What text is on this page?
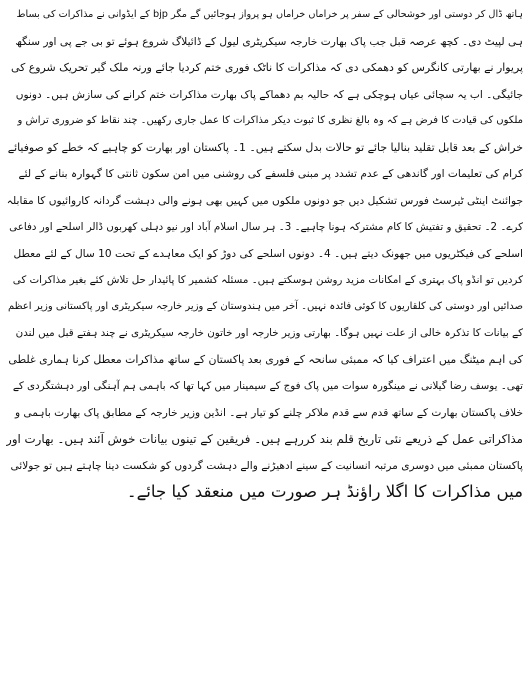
ہاتھ ڈال کر دوستی اور خوشحالی کے سفر پر خراماں خراماں ہو پرواز ہوجائیں گے مگر bjp کے ایڈوانی نے مذاکرات کی بساط
ہی لپیٹ دی۔ کچھ عرصہ قبل جب پاک بھارت خارجہ سیکریٹری لیول کے ڈائیلاگ شروع ہوئے تو بی جے پی اور سنگھ
پریوار نے بھارتی کانگرس کو دھمکی دی کہ مذاکرات کا ناٹک فوری ختم کردیا جائے ورنہ ملک گیر تحریک شروع کی
جائیگی۔ اب یہ سچائی عیاں ہوچکی ہے کہ حالیہ بم دھماکے پاک بھارت مذاکرات ختم کرانے کی سازش ہیں۔ دونوں
ملکوں کی قیادت کا فرض ہے کہ وہ بالغ نظری کا ثبوت دیکر مذاکرات کا عمل جاری رکھیں۔ چند نقاط کو ضروری تراش و
خراش کے بعد قابل تقلید بنالیا جائے تو حالات بدل سکتے ہیں۔ 1۔ پاکستان اور بھارت کو چاہیے کہ خطے کو صوفیائے
کرام کی تعلیمات اور گاندھی کے عدم تشدد پر مبنی فلسفے کی روشنی میں امن سکون ثانتی کا گہوارہ بنانے کے لئے
جوائنٹ اینٹی ٹیرسٹ فورس تشکیل دیں جو دونوں ملکوں میں کہیں بھی ہونے والی دہشت گردانہ کاروائیوں کا مقابلہ
کرے۔ 2۔ تحقیق و تفتیش کا کام مشترکہ ہونا چاہیے۔ 3۔ ہر سال اسلام آباد اور نیو دہلی کھربوں ڈالر اسلحے اور دفاعی
اسلحے کی فیکٹریوں میں جھونک دیتے ہیں۔ 4۔ دونوں اسلحے کی دوڑ کو ایک معاہدے کے تحت 10 سال کے لئے معطل
کردیں تو انڈو پاک بہتری کے امکانات مزید روشن ہوسکتے ہیں۔ مسئلہ کشمیر کا پائیدار حل تلاش کئے بغیر مذاکرات کی
صدائیں اور دوستی کی کلقاریوں کا کوئی فائدہ نہیں۔ آخر میں ہندوستان کے وزیر خارجہ سیکریٹری اور پاکستانی وزیر اعظم
کے بیانات کا تذکرہ خالی از علت نہیں ہوگا۔ بھارتی وزیر خارجہ اور خاتون خارجہ سیکریٹری نے چند ہفتے قبل میں لندن
کی اہم میٹنگ میں اعتراف کیا کہ ممبئی سانحہ کے فوری بعد پاکستان کے ساتھ مذاکرات معطل کرنا ہماری غلطی
تھی۔ یوسف رضا گیلانی نے مینگورہ سوات میں پاک فوج کے سیمینار میں کہا تھا کہ باہمی ہم آہنگی اور دہشتگردی کے
خلاف پاکستان بھارت کے ساتھ قدم سے قدم ملاکر چلنے کو تیار ہے۔ انڈین وزیر خارجہ کے مطابق پاک بھارت باہمی و
مذاکراتی عمل کے ذریعے نئی تاریخ قلم بند کررہے ہیں۔ فریقین کے تینوں بیانات خوش آئند ہیں۔ بھارت اور
پاکستان ممبئی میں دوسری مرتبہ انسانیت کے سینے ادھیڑنے والے دہشت گردوں کو شکست دینا چاہتے ہیں تو جولائی
میں مذاکرات کا اگلا راؤنڈ ہر صورت میں منعقد کیا جائے۔
